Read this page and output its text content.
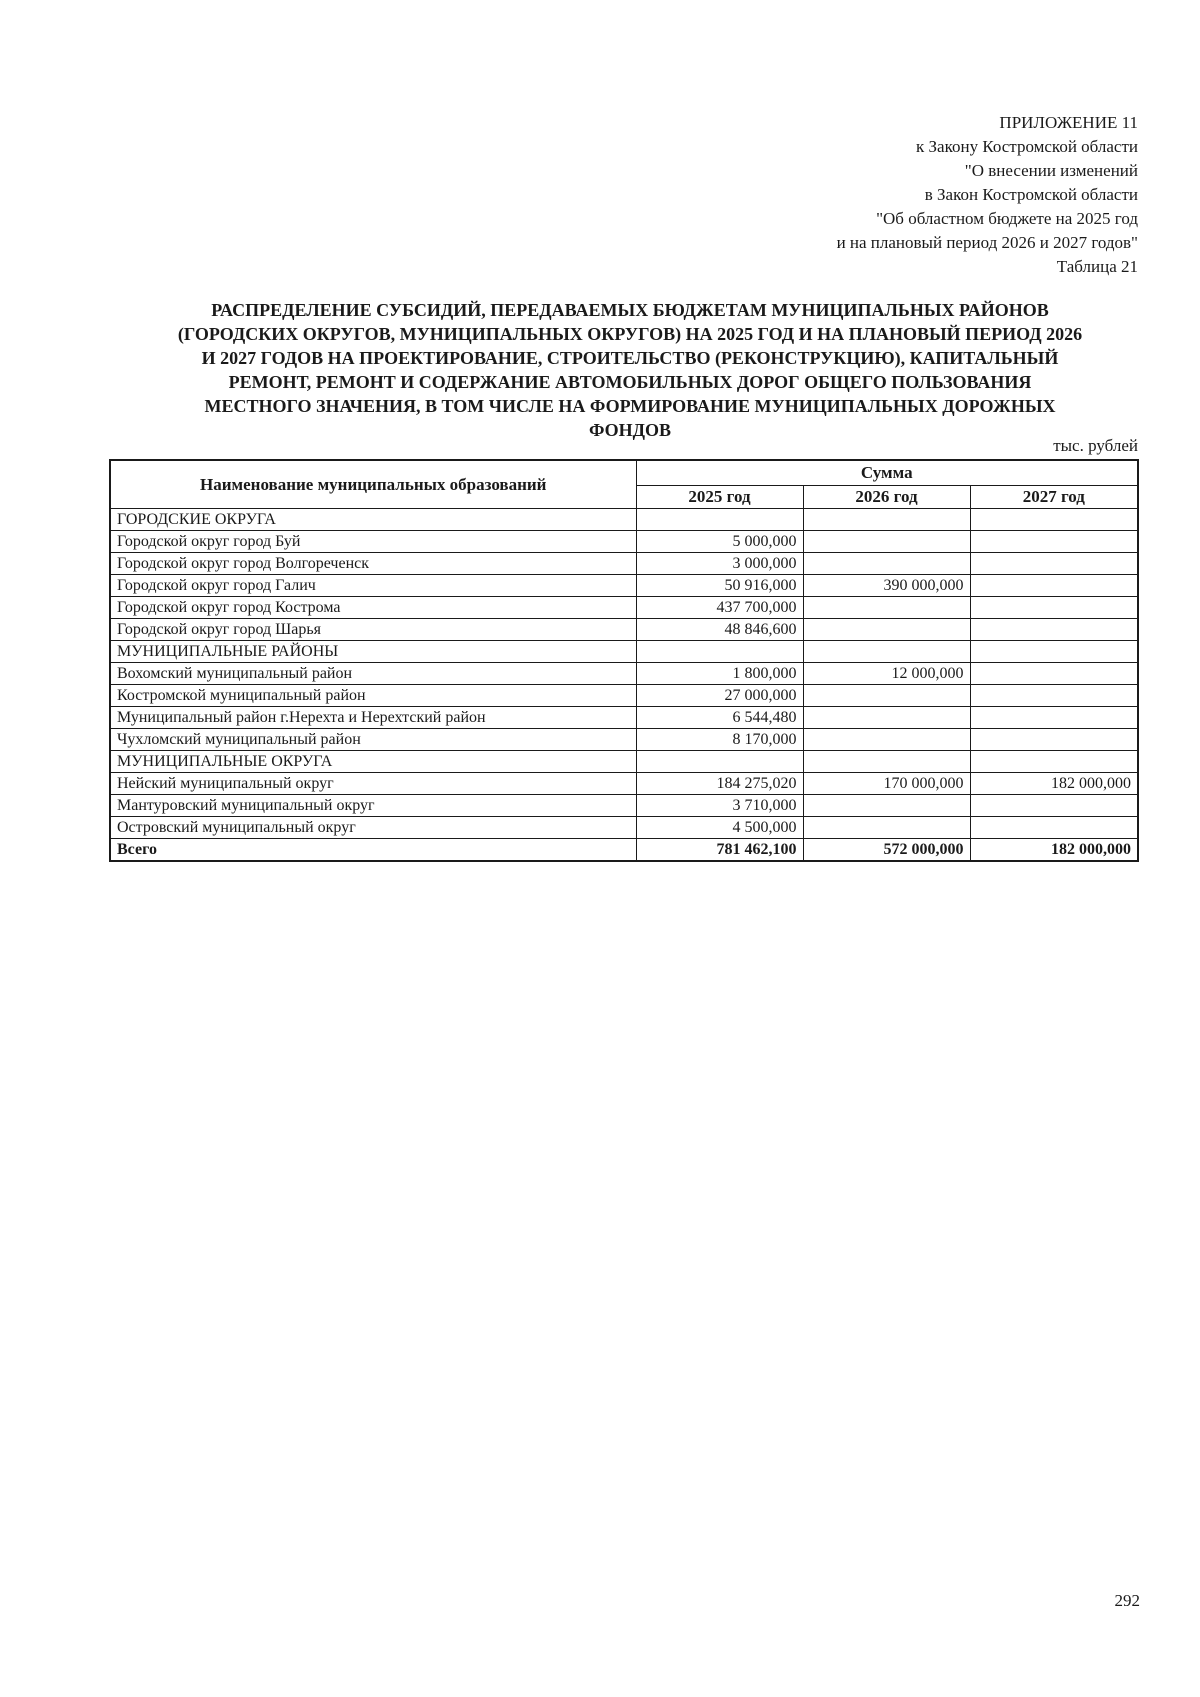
ПРИЛОЖЕНИЕ 11
к Закону Костромской области
"О внесении изменений
в Закон Костромской области
"Об областном бюджете на 2025 год
и на плановый период 2026 и 2027 годов"
Таблица 21
РАСПРЕДЕЛЕНИЕ СУБСИДИЙ, ПЕРЕДАВАЕМЫХ БЮДЖЕТАМ МУНИЦИПАЛЬНЫХ РАЙОНОВ
(ГОРОДСКИХ ОКРУГОВ, МУНИЦИПАЛЬНЫХ ОКРУГОВ) НА 2025 ГОД И НА ПЛАНОВЫЙ ПЕРИОД 2026
И 2027 ГОДОВ НА ПРОЕКТИРОВАНИЕ, СТРОИТЕЛЬСТВО (РЕКОНСТРУКЦИЮ), КАПИТАЛЬНЫЙ
РЕМОНТ, РЕМОНТ И СОДЕРЖАНИЕ АВТОМОБИЛЬНЫХ ДОРОГ ОБЩЕГО ПОЛЬЗОВАНИЯ
МЕСТНОГО ЗНАЧЕНИЯ, В ТОМ ЧИСЛЕ НА ФОРМИРОВАНИЕ МУНИЦИПАЛЬНЫХ ДОРОЖНЫХ
ФОНДОВ
тыс. рублей
Наименование муниципальных образований	Сумма		
	2025 год	2026 год	2027 год
ГОРОДСКИЕ ОКРУГА			
Городской округ город Буй	5 000,000		
Городской округ город Волгореченск	3 000,000		
Городской округ город Галич	50 916,000	390 000,000	
Городской округ город Кострома	437 700,000		
Городской округ город Шарья	48 846,600		
МУНИЦИПАЛЬНЫЕ РАЙОНЫ			
Вохомский муниципальный район	1 800,000	12 000,000	
Костромской муниципальный район	27 000,000		
Муниципальный район г.Нерехта и Нерехтский район	6 544,480		
Чухломский муниципальный район	8 170,000		
МУНИЦИПАЛЬНЫЕ ОКРУГА			
Нейский муниципальный округ	184 275,020	170 000,000	182 000,000
Мантуровский муниципальный округ	3 710,000		
Островский муниципальный округ	4 500,000		
Всего	781 462,100	572 000,000	182 000,000
292
